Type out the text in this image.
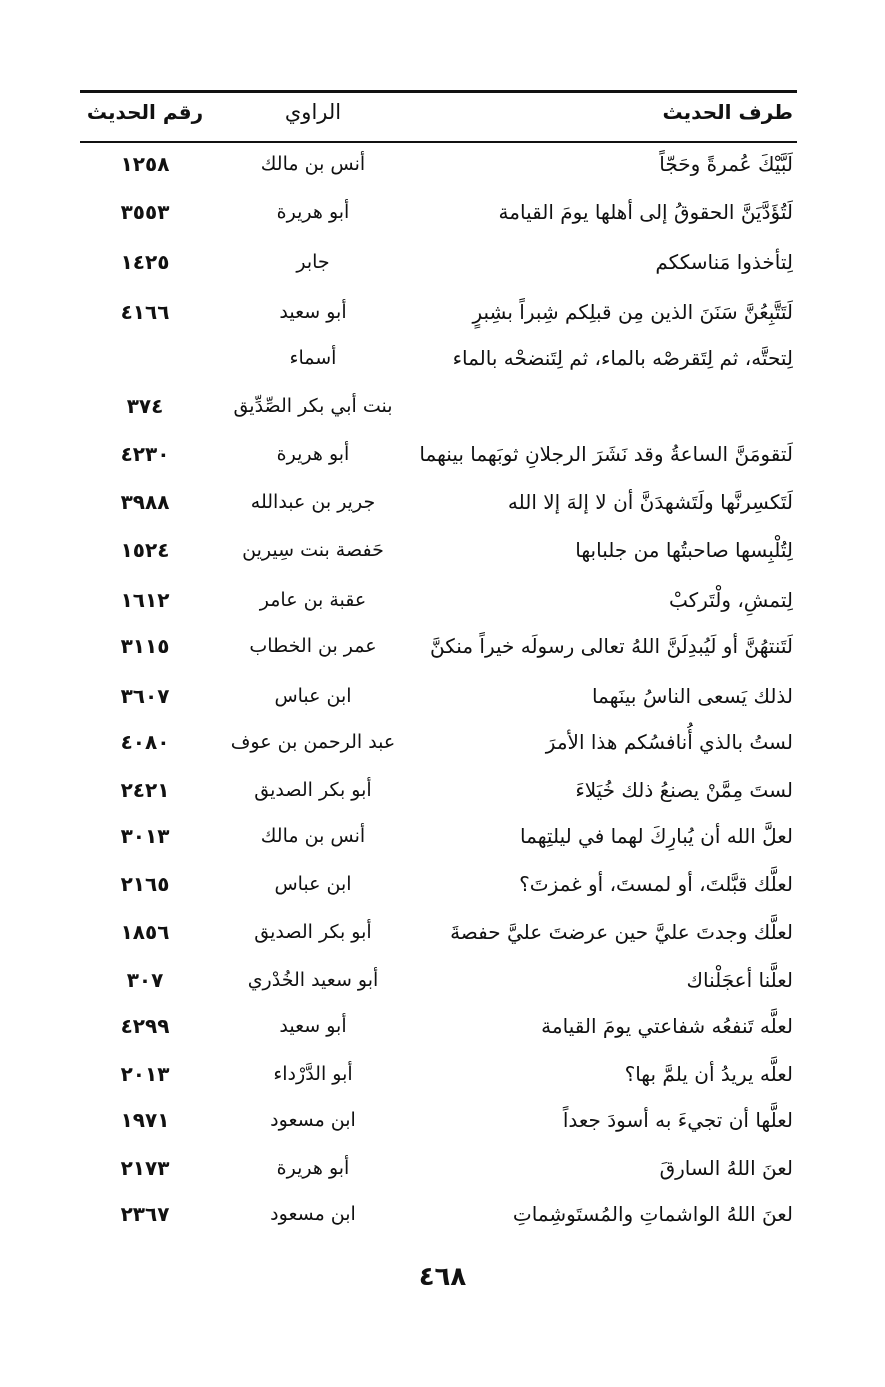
طرف الحديث
الراوي
رقم الحديث
لَبَّيْكَ عُمرةً وحَجّاً
أنس بن مالك
١٢٥٨
لَتُؤَدَّيَنَّ الحقوقُ إلى أهلها يومَ القيامة
أبو هريرة
٣٥٥٣
لِتأخذوا مَناسككم
جابر
١٤٢٥
لَتَتَّبِعُنَّ سَنَنَ الذين مِن قبلِكم شِبراً بشِبرٍ
أبو سعيد
٤١٦٦
لِتحتَّه، ثم لِتَقرصْه بالماء، ثم لِتَنضحْه بالماء
أسماء
بنت أبي بكر الصِّدِّيق
٣٧٤
لَتقومَنَّ الساعةُ وقد نَشَرَ الرجلانِ ثوبَهما بينهما
أبو هريرة
٤٢٣٠
لَتَكسِرنَّها ولَتَشهدَنَّ أن لا إلهَ إلا الله
جرير بن عبدالله
٣٩٨٨
لِتُلْبِسها صاحبتُها من جلبابها
حَفصة بنت سِيرين
١٥٢٤
لِتمشِ، ولْتَركبْ
عقبة بن عامر
١٦١٢
لَتَنتهُنَّ أو لَيُبدِلَنَّ اللهُ تعالى رسولَه خيراً منكنَّ
عمر بن الخطاب
٣١١٥
لذلك يَسعى الناسُ بينَهما
ابن عباس
٣٦٠٧
لستُ بالذي أُنافسُكم هذا الأمرَ
عبد الرحمن بن عوف
٤٠٨٠
لستَ مِمَّنْ يصنعُ ذلك خُيَلاءَ
أبو بكر الصديق
٢٤٢١
لعلَّ الله أن يُبارِكَ لهما في ليلتِهما
أنس بن مالك
٣٠١٣
لعلَّك قبَّلتَ، أو لمستَ، أو غمزتَ؟
ابن عباس
٢١٦٥
لعلَّك وجدتَ عليَّ حين عرضتَ عليَّ حفصةَ
أبو بكر الصديق
١٨٥٦
لعلَّنا أعجَلْناك
أبو سعيد الخُدْري
٣٠٧
لعلَّه تَنفعُه شفاعتي يومَ القيامة
أبو سعيد
٤٢٩٩
لعلَّه يريدُ أن يلمَّ بها؟
أبو الدَّرْداء
٢٠١٣
لعلَّها أن تجيءَ به أسودَ جعداً
ابن مسعود
١٩٧١
لعنَ اللهُ السارقَ
أبو هريرة
٢١٧٣
لعنَ اللهُ الواشماتِ والمُستَوشِماتِ
ابن مسعود
٢٣٦٧
٤٦٨
